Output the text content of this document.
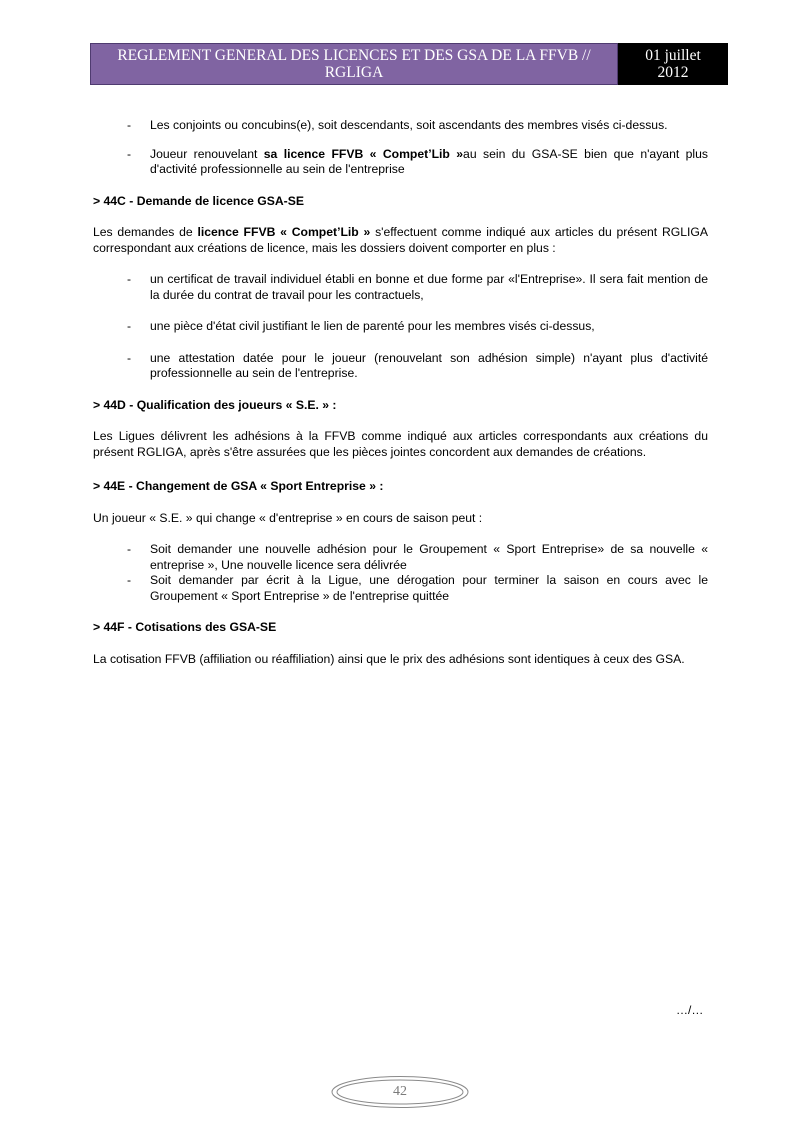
REGLEMENT GENERAL DES LICENCES ET DES GSA DE LA FFVB //
RGLIGA
01 juillet
2012
- Les conjoints ou concubins(e), soit descendants, soit ascendants des membres visés ci-dessus.
- Joueur renouvelant sa licence FFVB « Compet’Lib »au sein du GSA-SE bien que n'ayant plus d'activité professionnelle au sein de l'entreprise
> 44C - Demande de licence GSA-SE
Les demandes de licence FFVB « Compet’Lib » s'effectuent comme indiqué aux articles du présent RGLIGA correspondant aux créations de licence, mais les dossiers doivent comporter en plus :
- un certificat de travail individuel établi en bonne et due forme par «l'Entreprise». Il sera fait mention de la durée du contrat de travail pour les contractuels,
- une pièce d'état civil justifiant le lien de parenté pour les membres visés ci-dessus,
- une attestation datée pour le joueur (renouvelant son adhésion simple) n'ayant plus d'activité professionnelle au sein de l'entreprise.
> 44D - Qualification des joueurs « S.E. » :
Les Ligues délivrent les adhésions à la FFVB comme indiqué aux articles correspondants aux créations du présent RGLIGA, après s'être assurées que les pièces jointes concordent aux demandes de créations.
> 44E - Changement de GSA « Sport Entreprise » :
Un joueur « S.E. » qui change « d'entreprise » en cours de saison peut :
- Soit demander une nouvelle adhésion pour le Groupement « Sport Entreprise» de sa nouvelle « entreprise », Une nouvelle licence sera délivrée
- Soit demander par écrit à la Ligue, une dérogation pour terminer la saison en cours avec le Groupement « Sport Entreprise » de l'entreprise quittée
> 44F - Cotisations des GSA-SE
La cotisation FFVB (affiliation ou réaffiliation) ainsi que le prix des adhésions sont identiques à ceux des GSA.
…/…
42
